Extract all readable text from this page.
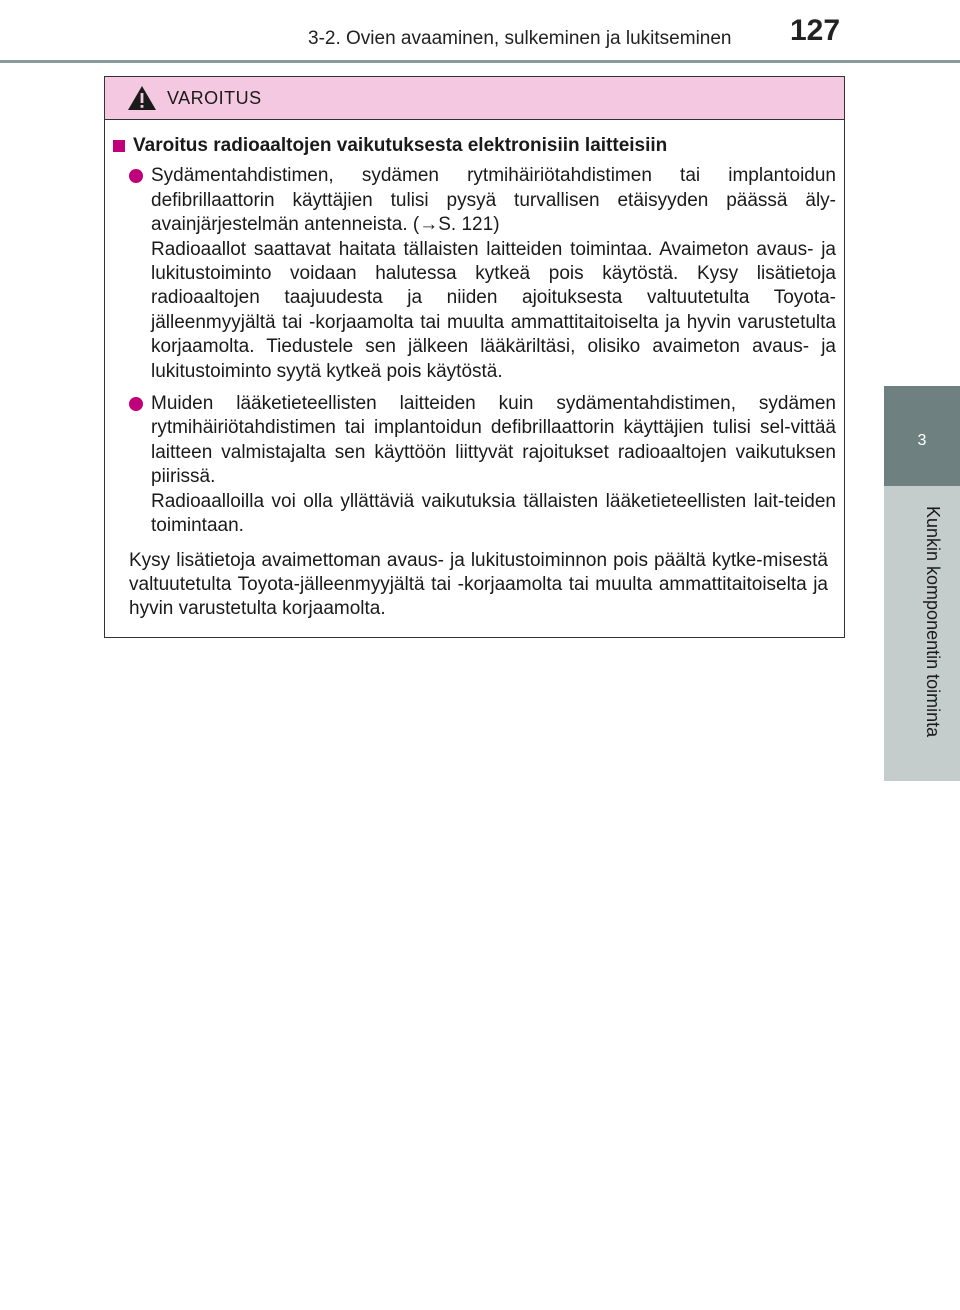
3-2. Ovien avaaminen, sulkeminen ja lukitseminen	127
3
Kunkin komponentin toiminta
VAROITUS
Varoitus radioaaltojen vaikutuksesta elektronisiin laitteisiin

Sydämentahdistimen, sydämen rytmihäiriötahdistimen tai implantoidun defibrillaattorin käyttäjien tulisi pysyä turvallisen etäisyyden päässä äly-avainjärjestelmän antenneista. (→S. 121)

Radioaallot saattavat haitata tällaisten laitteiden toimintaa. Avaimeton avaus- ja lukitustoiminto voidaan halutessa kytkeä pois käytöstä. Kysy lisätietoja radioaaltojen taajuudesta ja niiden ajoituksesta valtuutetulta Toyota-jälleenmyyjältä tai -korjaamolta tai muulta ammattitaitoiselta ja hyvin varustetulta korjaamolta. Tiedustele sen jälkeen lääkäriltäsi, olisiko avaimeton avaus- ja lukitustoiminto syytä kytkeä pois käytöstä.

Muiden lääketieteellisten laitteiden kuin sydämentahdistimen, sydämen rytmihäiriötahdistimen tai implantoidun defibrillaattorin käyttäjien tulisi sel-vittää laitteen valmistajalta sen käyttöön liittyvät rajoitukset radioaaltojen vaikutuksen piirissä.

Radioaalloilla voi olla yllättäviä vaikutuksia tällaisten lääketieteellisten lait-teiden toimintaan.

Kysy lisätietoja avaimettoman avaus- ja lukitustoiminnon pois päältä kytke-misestä valtuutetulta Toyota-jälleenmyyjältä tai -korjaamolta tai muulta ammattitaitoiselta ja hyvin varustetulta korjaamolta.
